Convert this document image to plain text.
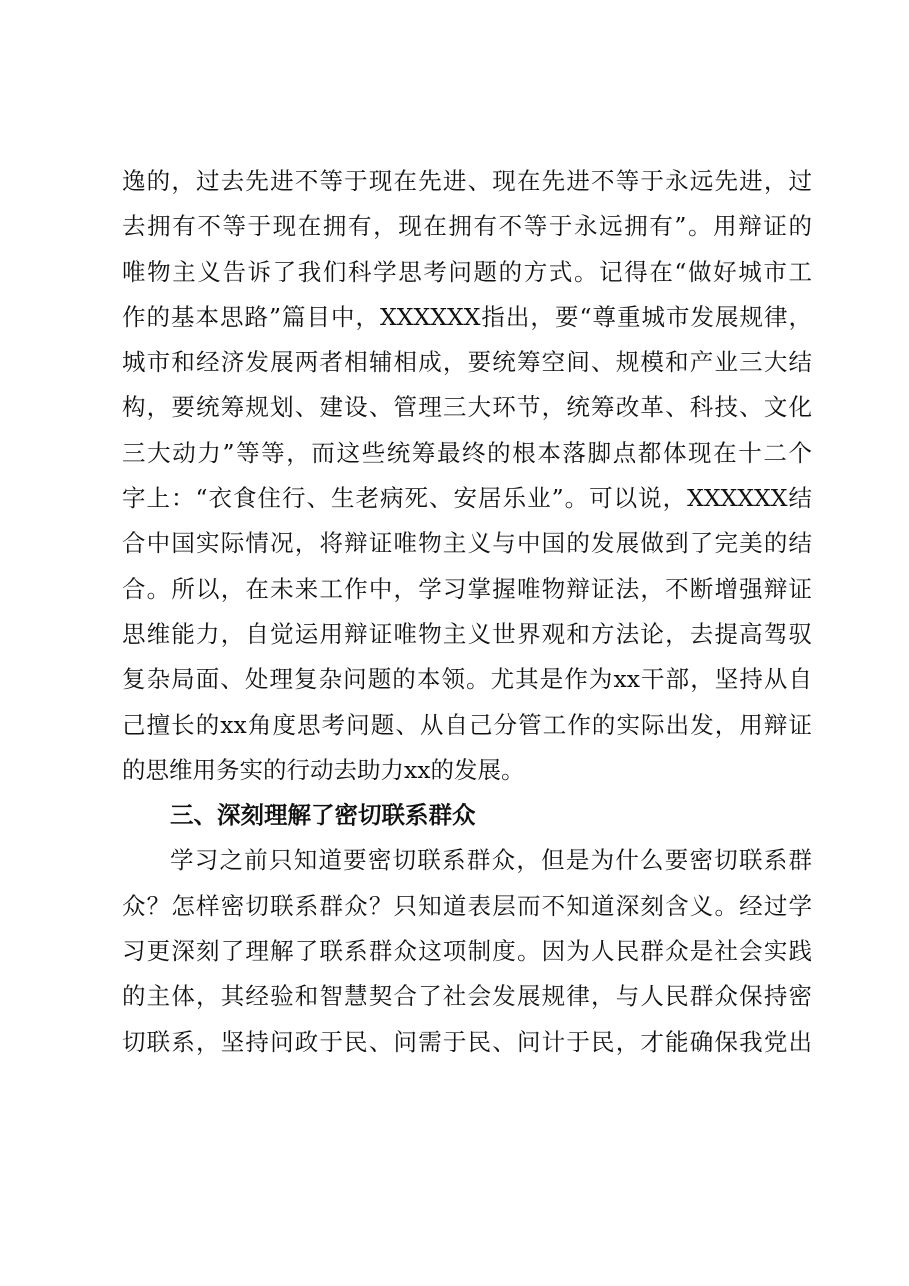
逸的，过去先进不等于现在先进、现在先进不等于永远先进，过
去拥有不等于现在拥有，现在拥有不等于永远拥有”。用辩证的
唯物主义告诉了我们科学思考问题的方式。记得在“做好城市工
作的基本思路”篇目中，XXXXXX指出，要“尊重城市发展规律，
城市和经济发展两者相辅相成，要统筹空间、规模和产业三大结
构，要统筹规划、建设、管理三大环节，统筹改革、科技、文化
三大动力”等等，而这些统筹最终的根本落脚点都体现在十二个
字上：“衣食住行、生老病死、安居乐业”。可以说，XXXXXX结
合中国实际情况，将辩证唯物主义与中国的发展做到了完美的结
合。所以，在未来工作中，学习掌握唯物辩证法，不断增强辩证
思维能力，自觉运用辩证唯物主义世界观和方法论，去提高驾驭
复杂局面、处理复杂问题的本领。尤其是作为xx干部，坚持从自
己擅长的xx角度思考问题、从自己分管工作的实际出发，用辩证
的思维用务实的行动去助力xx的发展。
三、深刻理解了密切联系群众
学习之前只知道要密切联系群众，但是为什么要密切联系群
众？怎样密切联系群众？只知道表层而不知道深刻含义。经过学
习更深刻了理解了联系群众这项制度。因为人民群众是社会实践
的主体，其经验和智慧契合了社会发展规律，与人民群众保持密
切联系，坚持问政于民、问需于民、问计于民，才能确保我党出
